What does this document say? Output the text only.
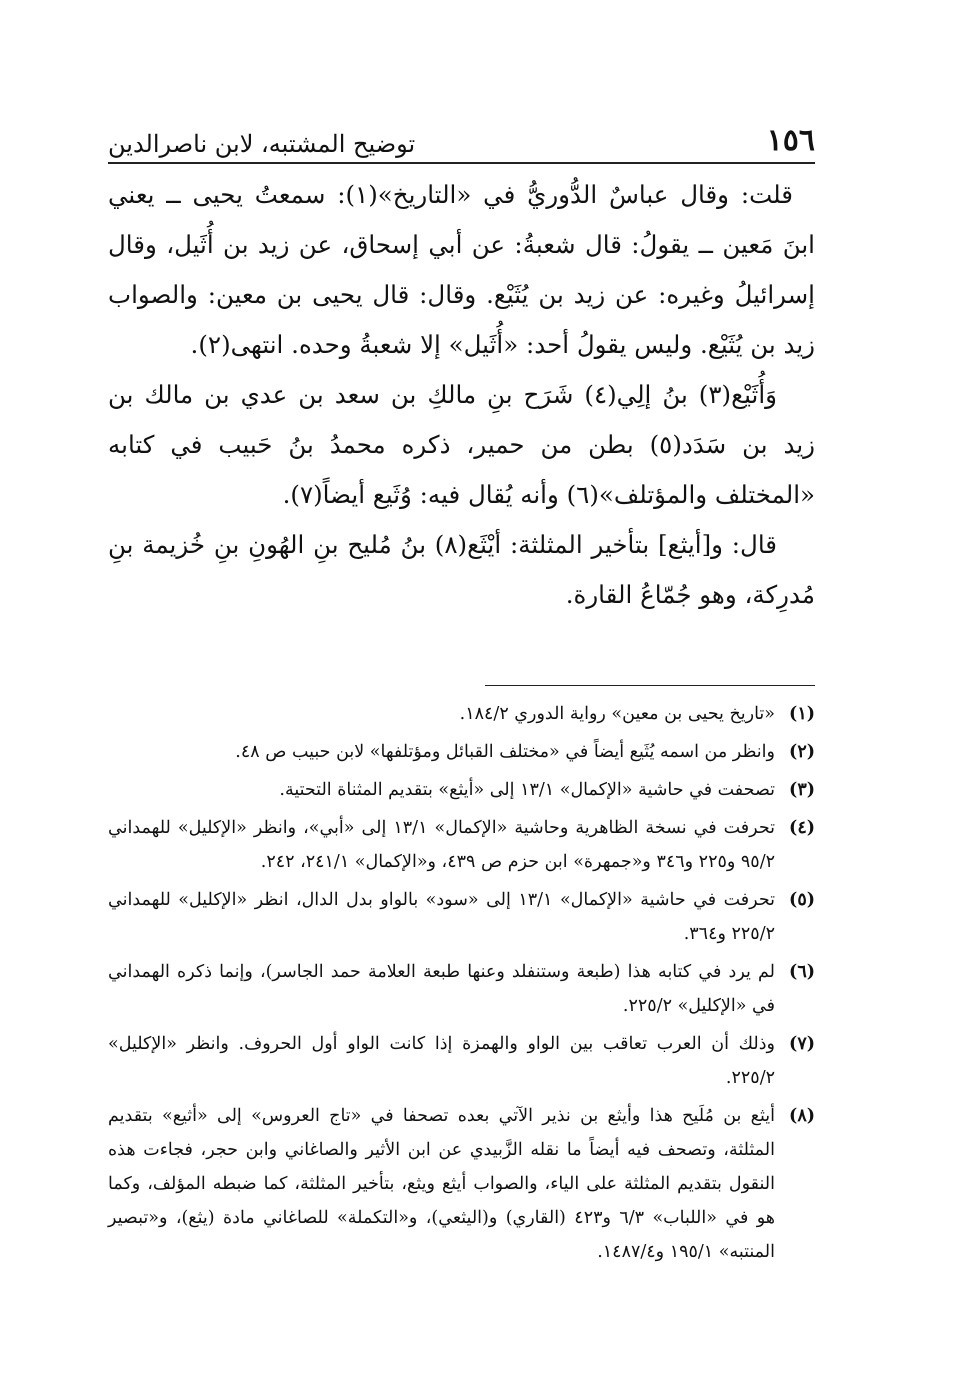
١٥٦
توضيح المشتبه، لابن ناصرالدين

قلت: وقال عباسٌ الدُّوريُّ في «التاريخ»(١): سمعتُ يحيى ــ يعني ابنَ مَعين ــ يقولُ: قال شعبةُ: عن أبي إسحاق، عن زيد بن أُثَيل، وقال إسرائيلُ وغيره: عن زيد بن يُثَيْع. وقال: قال يحيى بن معين: والصواب زيد بن يُثَيْع. وليس يقولُ أحد: «أُثَيل» إلا شعبةُ وحده. انتهى(٢).

وَأُثَيْع(٣) بنُ إلِي(٤) شَرَح بنِ مالكِ بن سعد بن عدي بن مالك بن زيد بن سَدَد(٥) بطن من حمير، ذكره محمدُ بنُ حَبيب في كتابه «المختلف والمؤتلف»(٦) وأنه يُقال فيه: وُثَيع أيضاً(٧).

قال: و[أيثع] بتأخير المثلثة: أيْثَع(٨) بنُ مُليح بنِ الهُونِ بنِ خُزيمة بنِ مُدرِكة، وهو جُمّاعُ القارة.

(١)
«تاريخ يحيى بن معين» رواية الدوري ١٨٤/٢.
(٢)
وانظر من اسمه يُثَيع أيضاً في «مختلف القبائل ومؤتلفها» لابن حبيب ص ٤٨.
(٣)
تصحفت في حاشية «الإكمال» ١٣/١ إلى «أيثع» بتقديم المثناة التحتية.
(٤)
تحرفت في نسخة الظاهرية وحاشية «الإكمال» ١٣/١ إلى «أبي»، وانظر «الإكليل» للهمداني ٩٥/٢ و٢٢٥ و٣٤٦ و«جمهرة» ابن حزم ص ٤٣٩، و«الإكمال» ٢٤١/١، ٢٤٢.
(٥)
تحرفت في حاشية «الإكمال» ١٣/١ إلى «سود» بالواو بدل الدال، انظر «الإكليل» للهمداني ٢٢٥/٢ و٣٦٤.
(٦)
لم يرد في كتابه هذا (طبعة وستنفلد وعنها طبعة العلامة حمد الجاسر)، وإنما ذكره الهمداني في «الإكليل» ٢٢٥/٢.
(٧)
وذلك أن العرب تعاقب بين الواو والهمزة إذا كانت الواو أول الحروف. وانظر «الإكليل» ٢٢٥/٢.
(٨)
أيثع بن مُلَيح هذا وأيثع بن نذير الآتي بعده تصحفا في «تاج العروس» إلى «أثيع» بتقديم المثلثة، وتصحف فيه أيضاً ما نقله الزَّبيدي عن ابن الأثير والصاغاني وابن حجر، فجاءت هذه النقول بتقديم المثلثة على الياء، والصواب أيثع ويثع، بتأخير المثلثة، كما ضبطه المؤلف، وكما هو في «اللباب» ٦/٣ و٤٢٣ (القاري) و(اليثعي)، و«التكملة» للصاغاني مادة (يثع)، و«تبصير المنتبه» ١٩٥/١ و١٤٨٧/٤.
